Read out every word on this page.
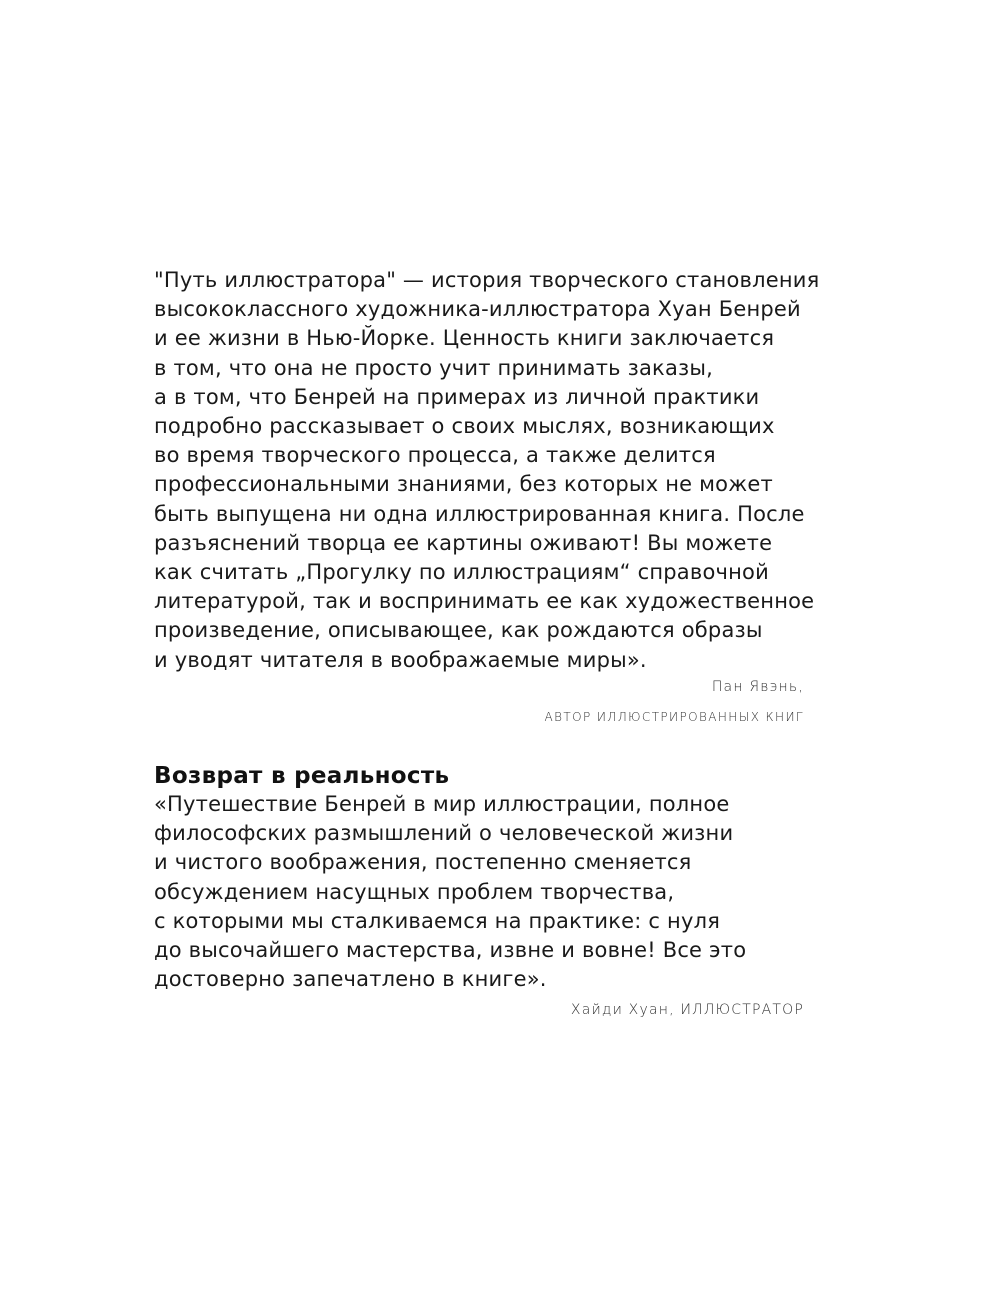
"Путь иллюстратора" — история творческого становления
высококлассного художника-иллюстратора Хуан Бенрей
и ее жизни в Нью-Йорке. Ценность книги заключается
в том, что она не просто учит принимать заказы,
а в том, что Бенрей на примерах из личной практики
подробно рассказывает о своих мыслях, возникающих
во время творческого процесса, а также делится
профессиональными знаниями, без которых не может
быть выпущена ни одна иллюстрированная книга. После
разъяснений творца ее картины оживают! Вы можете
как считать „Прогулку по иллюстрациям“ справочной
литературой, так и воспринимать ее как художественное
произведение, описывающее, как рождаются образы
и уводят читателя в воображаемые миры».

Пан Явэнь,
АВТОР ИЛЛЮСТРИРОВАННЫХ КНИГ
Возврат в реальность

«Путешествие Бенрей в мир иллюстрации, полное
философских размышлений о человеческой жизни
и чистого воображения, постепенно сменяется
обсуждением насущных проблем творчества,
с которыми мы сталкиваемся на практике: с нуля
до высочайшего мастерства, извне и вовне! Все это
достоверно запечатлено в книге».

Хайди Хуан, ИЛЛЮСТРАТОР
